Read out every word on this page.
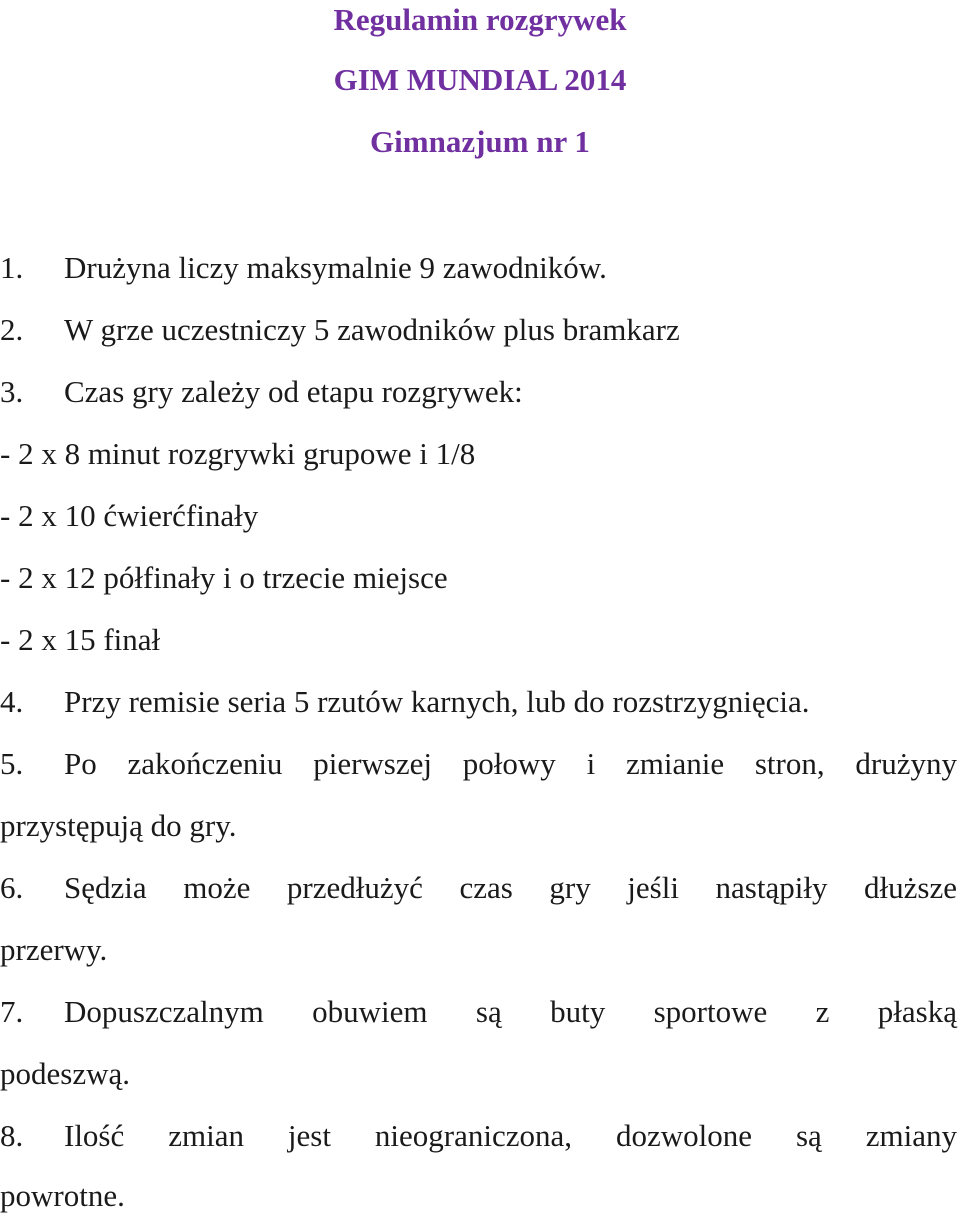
Regulamin rozgrywek
GIM MUNDIAL 2014
Gimnazjum nr 1
1. Drużyna liczy maksymalnie 9 zawodników.
2. W grze uczestniczy 5 zawodników plus bramkarz
3. Czas gry zależy od etapu rozgrywek:
- 2 x 8 minut rozgrywki grupowe i 1/8
- 2 x 10 ćwierćfinały
- 2 x 12 półfinały i o trzecie miejsce
- 2 x 15 finał
4. Przy remisie seria 5 rzutów karnych, lub do rozstrzygnięcia.
5. Po zakończeniu pierwszej połowy i zmianie stron, drużyny
przystępują do gry.
6. Sędzia może przedłużyć czas gry jeśli nastąpiły dłuższe
przerwy.
7. Dopuszczalnym obuwiem są buty sportowe z płaską
podeszwą.
8. Ilość zmian jest nieograniczona, dozwolone są zmiany
powrotne.
